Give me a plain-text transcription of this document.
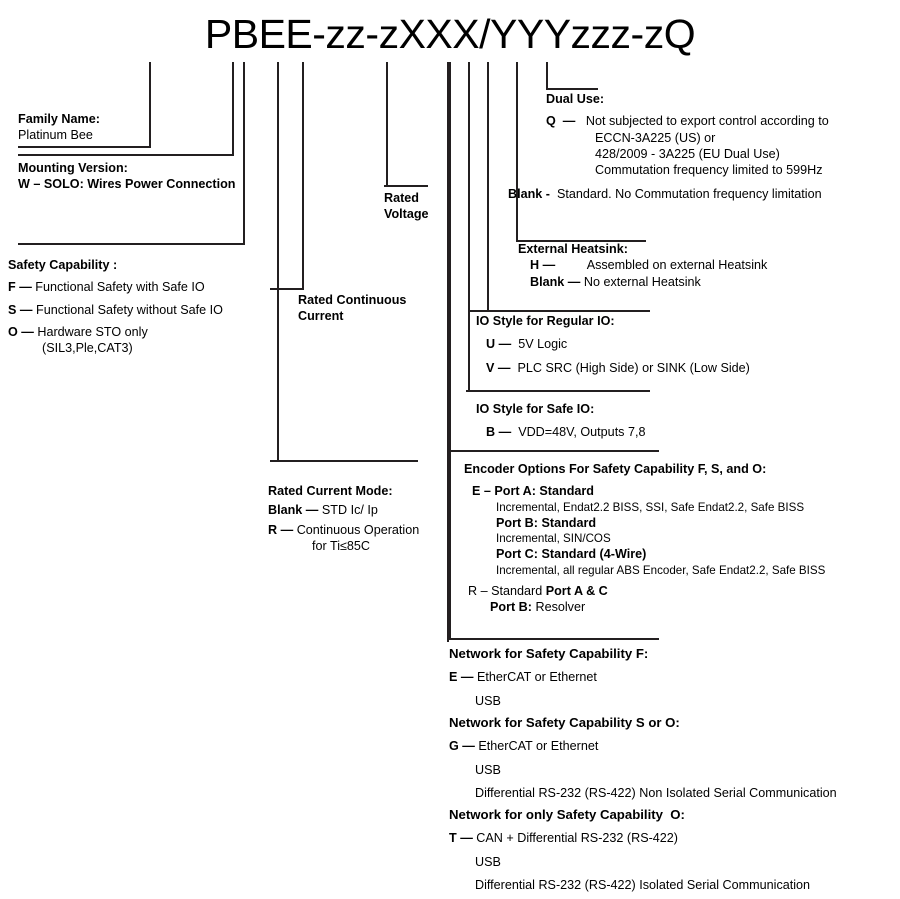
PBEE-zz-zXXX/YYYzzz-zQ
Family Name:
Platinum Bee
Mounting Version:
W – SOLO: Wires Power Connection
Safety Capability :
F — Functional Safety with Safe IO
S — Functional Safety without Safe IO
O — Hardware STO only
(SIL3,Ple,CAT3)
Rated Continuous
Current
Rated Current Mode:
Blank — STD Ic/ Ip
R — Continuous Operation
for Ti≤85C
Rated
Voltage
Dual Use:
Q  —   Not subjected to export control according to
ECCN-3A225 (US) or
428/2009 - 3A225 (EU Dual Use)
Commutation frequency limited to 599Hz
Blank -  Standard. No Commutation frequency limitation
External Heatsink:
H —         Assembled on external Heatsink
Blank — No external Heatsink
IO Style for Regular IO:
U —  5V Logic
V —  PLC SRC (High Side) or SINK (Low Side)
IO Style for Safe IO:
B —  VDD=48V, Outputs 7,8
Encoder Options For Safety Capability F, S, and O:
E – Port A: Standard
Incremental, Endat2.2 BISS, SSI, Safe Endat2.2, Safe BISS
Port B: Standard
Incremental, SIN/COS
Port C: Standard (4-Wire)
Incremental, all regular ABS Encoder, Safe Endat2.2, Safe BISS
R – Standard Port A & C
Port B: Resolver
Network for Safety Capability F:
E — EtherCAT or Ethernet
USB
Network for Safety Capability S or O:
G — EtherCAT or Ethernet
USB
Differential RS-232 (RS-422) Non Isolated Serial Communication
Network for only Safety Capability  O:
T — CAN + Differential RS-232 (RS-422)
USB
Differential RS-232 (RS-422) Isolated Serial Communication
